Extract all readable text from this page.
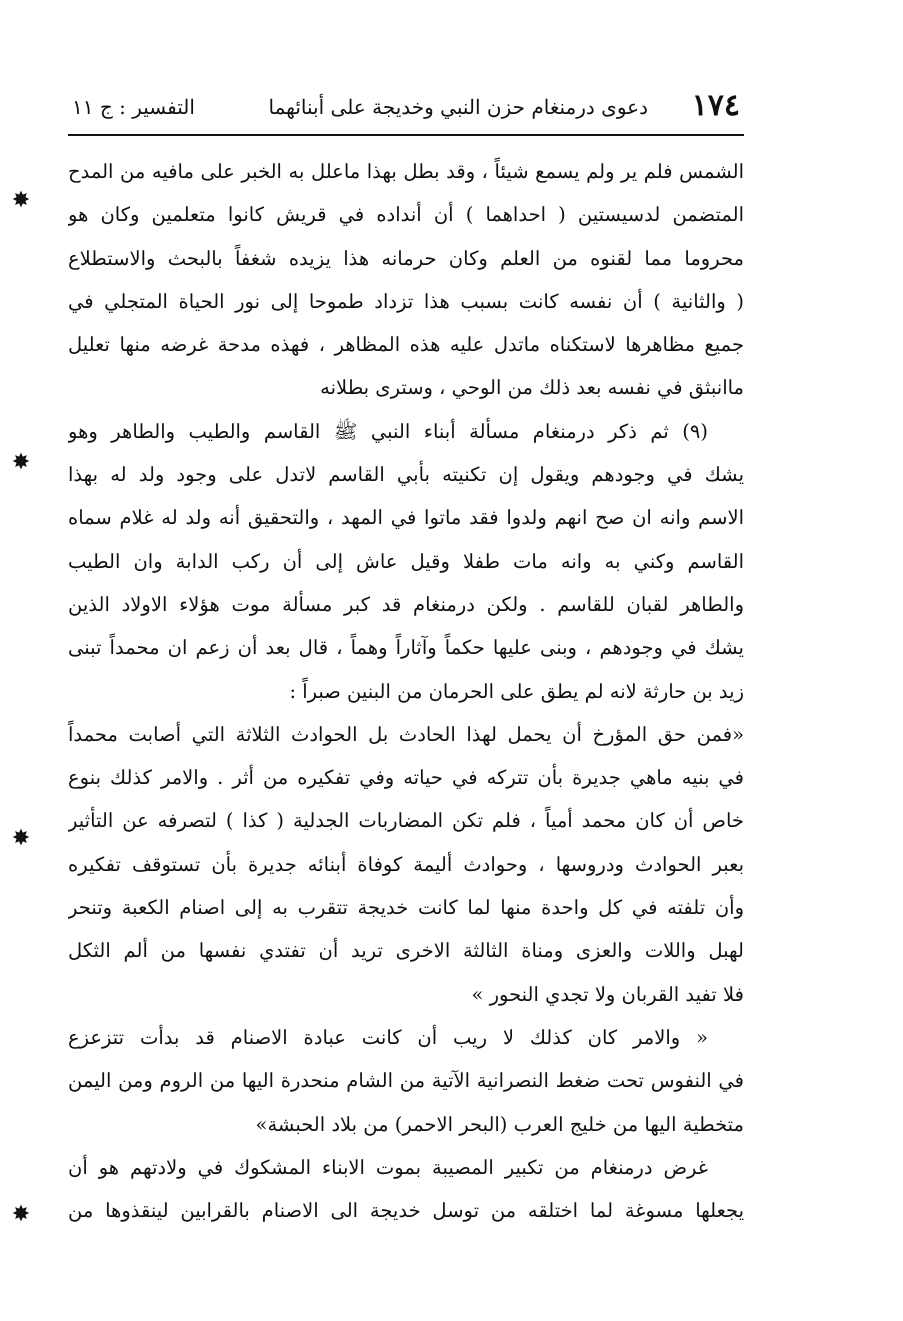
١٧٤
دعوى درمنغام حزن النبي وخديجة على أبنائهما
التفسير : ج ١١
✸
✸
✸
✸
الشمس فلم ير ولم يسمع شيئاً ، وقد بطل بهذا ماعلل به الخبر على مافيه من المدح
المتضمن لدسيستين ( احداهما ) أن أنداده في قريش كانوا متعلمين وكان هو
محروما مما لقنوه من العلم وكان حرمانه هذا يزيده شغفاً بالبحث والاستطلاع
( والثانية ) أن نفسه كانت بسبب هذا تزداد طموحا إلى نور الحياة المتجلي في
جميع مظاهرها لاستكناه ماتدل عليه هذه المظاهر ، فهذه مدحة غرضه منها تعليل
ماانبثق في نفسه بعد ذلك من الوحي ، وسترى بطلانه
(٩) ثم ذكر درمنغام مسألة أبناء النبي ﷺ القاسم والطيب والطاهر وهو
يشك في وجودهم ويقول إن تكنيته بأبي القاسم لاتدل على وجود ولد له بهذا
الاسم وانه ان صح انهم ولدوا فقد ماتوا في المهد ، والتحقيق أنه ولد له غلام سماه
القاسم وكني به وانه مات طفلا وقيل عاش إلى أن ركب الدابة وان الطيب
والطاهر لقبان للقاسم . ولكن درمنغام قد كبر مسألة موت هؤلاء الاولاد الذين
يشك في وجودهم ، وبنى عليها حكماً وآثاراً وهماً ، قال بعد أن زعم ان محمداً تبنى
زيد بن حارثة لانه لم يطق على الحرمان من البنين صبراً :
«فمن حق المؤرخ أن يحمل لهذا الحادث بل الحوادث الثلاثة التي أصابت محمداً
في بنيه ماهي جديرة بأن تتركه في حياته وفي تفكيره من أثر . والامر كذلك بنوع
خاص أن كان محمد أمياً ، فلم تكن المضاربات الجدلية ( كذا ) لتصرفه عن التأثير
بعبر الحوادث ودروسها ، وحوادث أليمة كوفاة أبنائه جديرة بأن تستوقف تفكيره
وأن تلفته في كل واحدة منها لما كانت خديجة تتقرب به إلى اصنام الكعبة وتنحر
لهبل واللات والعزى ومناة الثالثة الاخرى تريد أن تفتدي نفسها من ألم الثكل
فلا تفيد القربان ولا تجدي النحور »
« والامر كان كذلك لا ريب أن كانت عبادة الاصنام قد بدأت تتزعزع
في النفوس تحت ضغط النصرانية الآتية من الشام منحدرة اليها من الروم ومن اليمن
متخطية اليها من خليج العرب (البحر الاحمر) من بلاد الحبشة»
غرض درمنغام من تكبير المصيبة بموت الابناء المشكوك في ولادتهم هو أن
يجعلها مسوغة لما اختلقه من توسل خديجة الى الاصنام بالقرابين لينقذوها من
